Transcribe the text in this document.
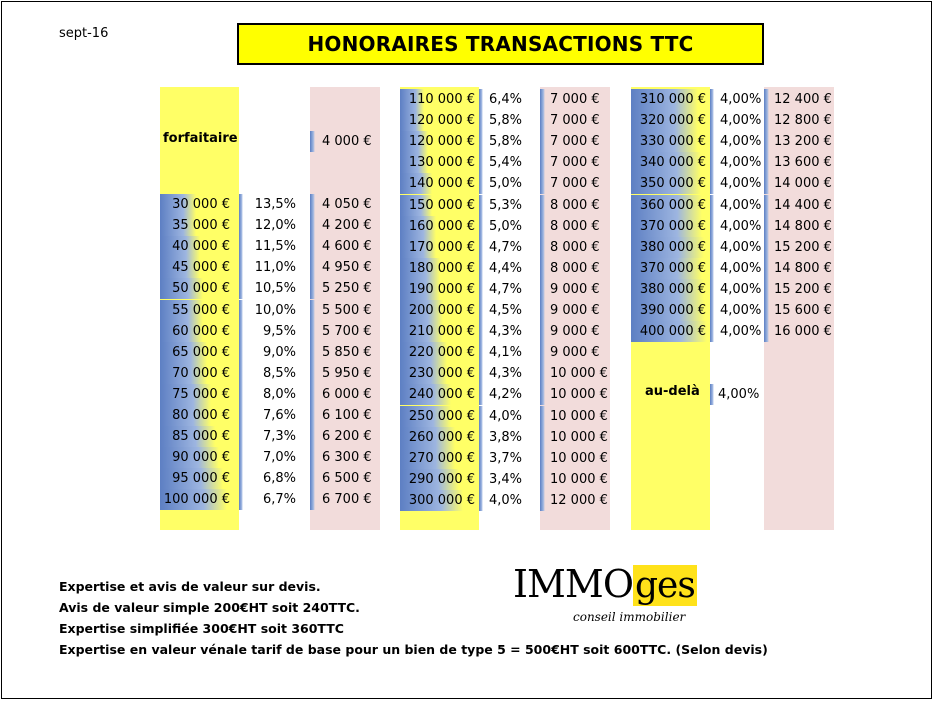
sept-16	HONORAIRES TRANSACTIONS TTC
forfaitaire	4 000 €
au-delà	4,00%
30 000 €	13,5%	4 050 €
35 000 €	12,0%	4 200 €
40 000 €	11,5%	4 600 €
45 000 €	11,0%	4 950 €
50 000 €	10,5%	5 250 €
55 000 €	10,0%	5 500 €
60 000 €	9,5%	5 700 €
65 000 €	9,0%	5 850 €
70 000 €	8,5%	5 950 €
75 000 €	8,0%	6 000 €
80 000 €	7,6%	6 100 €
85 000 €	7,3%	6 200 €
90 000 €	7,0%	6 300 €
95 000 €	6,8%	6 500 €
100 000 €	6,7%	6 700 €
110 000 €	6,4%	7 000 €
120 000 €	5,8%	7 000 €
120 000 €	5,8%	7 000 €
130 000 €	5,4%	7 000 €
140 000 €	5,0%	7 000 €
150 000 €	5,3%	8 000 €
160 000 €	5,0%	8 000 €
170 000 €	4,7%	8 000 €
180 000 €	4,4%	8 000 €
190 000 €	4,7%	9 000 €
200 000 €	4,5%	9 000 €
210 000 €	4,3%	9 000 €
220 000 €	4,1%	9 000 €
230 000 €	4,3%	10 000 €
240 000 €	4,2%	10 000 €
250 000 €	4,0%	10 000 €
260 000 €	3,8%	10 000 €
270 000 €	3,7%	10 000 €
290 000 €	3,4%	10 000 €
300 000 €	4,0%	12 000 €
310 000 €	4,00% 12 400 €
320 000 €	4,00% 12 800 €
330 000 €	4,00% 13 200 €
340 000 €	4,00% 13 600 €
350 000 €	4,00% 14 000 €
360 000 €	4,00% 14 400 €
370 000 €	4,00% 14 800 €
380 000 €	4,00% 15 200 €
370 000 €	4,00% 14 800 €
380 000 €	4,00% 15 200 €
390 000 €	4,00% 15 600 €
400 000 €	4,00% 16 000 €
Expertise et avis de valeur sur devis.
Avis de valeur simple 200€HT soit 240TTC.
Expertise simplifiée 300€HT soit 360TTC
Expertise en valeur vénale tarif de base pour un bien de type 5 = 500€HT soit 600TTC. (Selon devis)
IMMOges
conseil immobilier
